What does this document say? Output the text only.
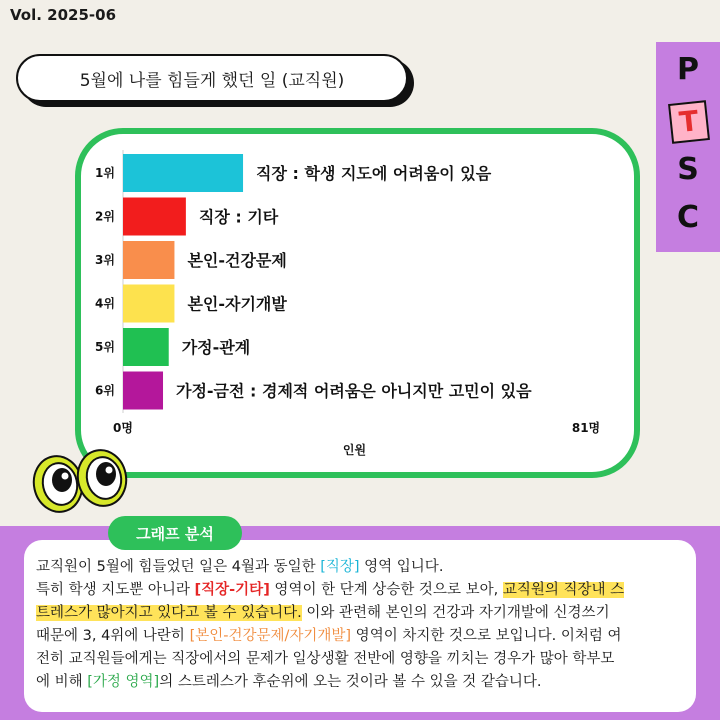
Vol. 2025-06
5월에 나를 힘들게 했던 일 (교직원)	P
T
S
C
1위	직장 : 학생 지도에 어려움이 있음
2위	직장 : 기타
3위	본인-건강문제
4위	본인-자기개발
5위	가정-관계
6위	가정-금전 : 경제적 어려움은 아니지만 고민이 있음
0명	81명
인원
그래프 분석
교직원이 5월에 힘들었던 일은 4월과 동일한 [직장] 영역 입니다.
특히 학생 지도뿐 아니라 [직장-기타] 영역이 한 단계 상승한 것으로 보아, 교직원의 직장내 스
트레스가 많아지고 있다고 볼 수 있습니다. 이와 관련해 본인의 건강과 자기개발에 신경쓰기
때문에 3, 4위에 나란히 [본인-건강문제/자기개발] 영역이 차지한 것으로 보입니다. 이처럼 여
전히 교직원들에게는 직장에서의 문제가 일상생활 전반에 영향을 끼치는 경우가 많아 학부모
에 비해 [가정 영역]의 스트레스가 후순위에 오는 것이라 볼 수 있을 것 같습니다.
